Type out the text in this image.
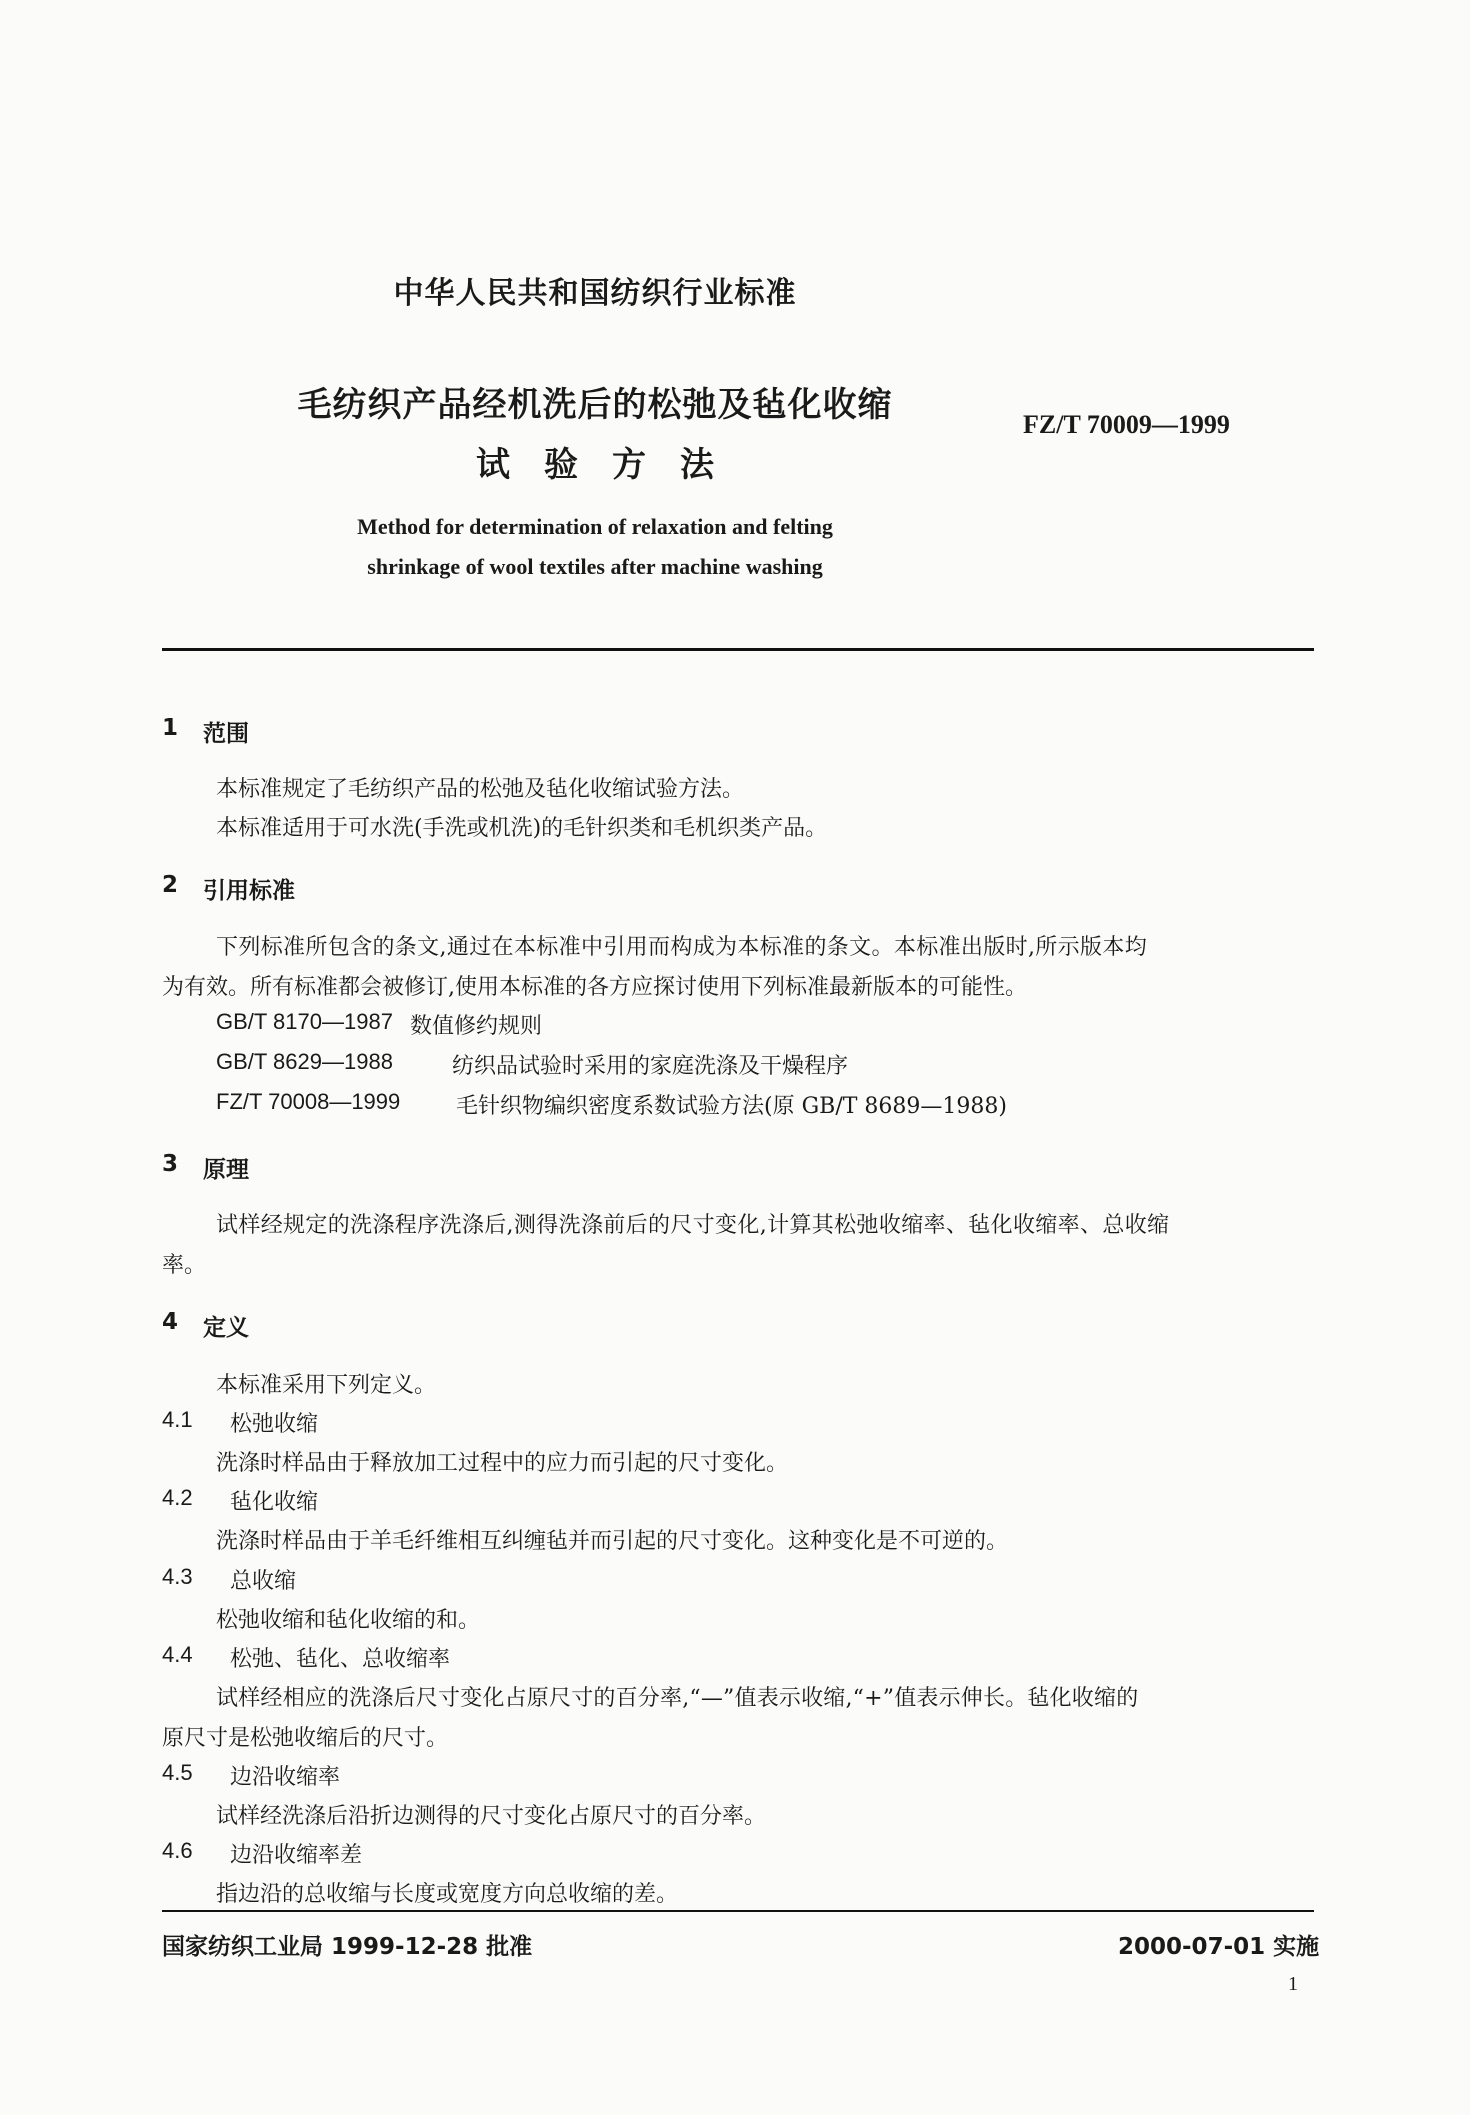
中华人民共和国纺织行业标准
毛纺织产品经机洗后的松弛及毡化收缩
试验方法
FZ/T 70009—1999
Method for determination of relaxation and felting
shrinkage of wool textiles after machine washing
1 范围
本标准规定了毛纺织产品的松弛及毡化收缩试验方法。
本标准适用于可水洗(手洗或机洗)的毛针织类和毛机织类产品。
2 引用标准
下列标准所包含的条文,通过在本标准中引用而构成为本标准的条文。本标准出版时,所示版本均
为有效。所有标准都会被修订,使用本标准的各方应探讨使用下列标准最新版本的可能性。
GB/T 8170—1987 数值修约规则
GB/T 8629—1988	纺织品试验时采用的家庭洗涤及干燥程序
FZ/T 70008—1999	毛针织物编织密度系数试验方法(原 GB/T 8689—1988)
3 原理
试样经规定的洗涤程序洗涤后,测得洗涤前后的尺寸变化,计算其松弛收缩率、毡化收缩率、总收缩
率。
4 定义
本标准采用下列定义。
4.1 松弛收缩
洗涤时样品由于释放加工过程中的应力而引起的尺寸变化。
4.2 毡化收缩
洗涤时样品由于羊毛纤维相互纠缠毡并而引起的尺寸变化。这种变化是不可逆的。
4.3 总收缩
松弛收缩和毡化收缩的和。
4.4 松弛、毡化、总收缩率
试样经相应的洗涤后尺寸变化占原尺寸的百分率,“—”值表示收缩,“+”值表示伸长。毡化收缩的
原尺寸是松弛收缩后的尺寸。
4.5 边沿收缩率
试样经洗涤后沿折边测得的尺寸变化占原尺寸的百分率。
4.6 边沿收缩率差
指边沿的总收缩与长度或宽度方向总收缩的差。
国家纺织工业局 1999-12-28 批准	2000-07-01 实施
1
